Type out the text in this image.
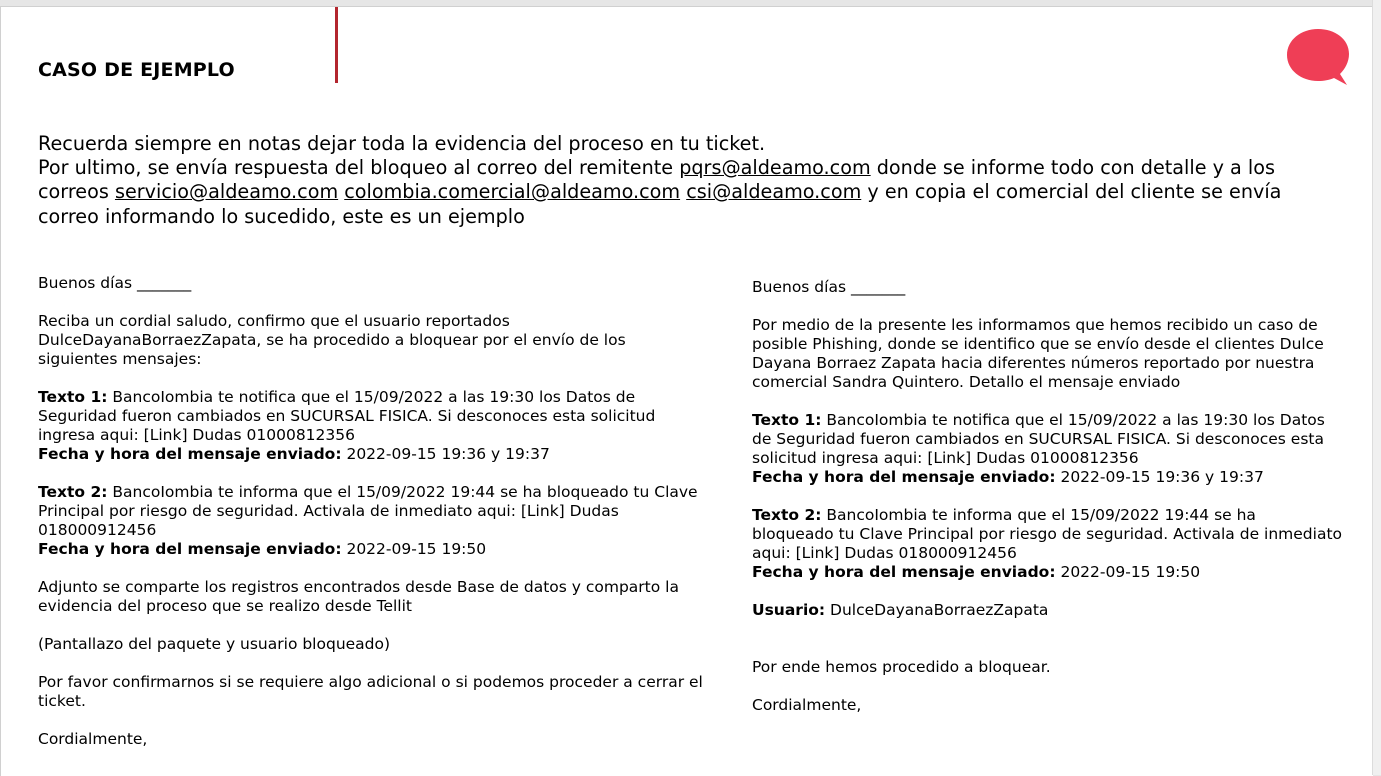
CASO DE EJEMPLO
Recuerda siempre en notas dejar toda la evidencia del proceso en tu ticket.
Por ultimo, se envía respuesta del bloqueo al correo del remitente pqrs@aldeamo.com donde se informe todo con detalle y a los correos servicio@aldeamo.com colombia.comercial@aldeamo.com csi@aldeamo.com y en copia el comercial del cliente se envía correo informando lo sucedido, este es un ejemplo

Buenos días _______

Reciba un cordial saludo, confirmo que el usuario reportados DulceDayanaBorraezZapata, se ha procedido a bloquear por el envío de los siguientes mensajes:

Texto 1: BancoIombia te notifica que el 15/09/2022 a las 19:30 los Datos de Seguridad fueron cambiados en SUCURSAL FISICA. Si desconoces esta solicitud ingresa aqui: [Link] Dudas 01000812356
Fecha y hora del mensaje enviado: 2022-09-15 19:36 y 19:37

Texto 2: BancoIombia te informa que el 15/09/2022 19:44 se ha bloqueado tu Clave Principal por riesgo de seguridad. Activala de inmediato aqui: [Link] Dudas 018000912456
Fecha y hora del mensaje enviado: 2022-09-15 19:50

Adjunto se comparte los registros encontrados desde Base de datos y comparto la evidencia del proceso que se realizo desde Tellit

(Pantallazo del paquete y usuario bloqueado)

Por favor confirmarnos si se requiere algo adicional o si podemos proceder a cerrar el ticket.

Cordialmente,

Buenos días _______

Por medio de la presente les informamos que hemos recibido un caso de posible Phishing, donde se identifico que se envío desde el clientes Dulce Dayana Borraez Zapata hacia diferentes números reportado por nuestra comercial Sandra Quintero. Detallo el mensaje enviado

Texto 1: BancoIombia te notifica que el 15/09/2022 a las 19:30 los Datos de Seguridad fueron cambiados en SUCURSAL FISICA. Si desconoces esta solicitud ingresa aqui: [Link] Dudas 01000812356
Fecha y hora del mensaje enviado: 2022-09-15 19:36 y 19:37

Texto 2: BancoIombia te informa que el 15/09/2022 19:44 se ha bloqueado tu Clave Principal por riesgo de seguridad. Activala de inmediato aqui: [Link] Dudas 018000912456
Fecha y hora del mensaje enviado: 2022-09-15 19:50

Usuario: DulceDayanaBorraezZapata

Por ende hemos procedido a bloquear.

Cordialmente,
